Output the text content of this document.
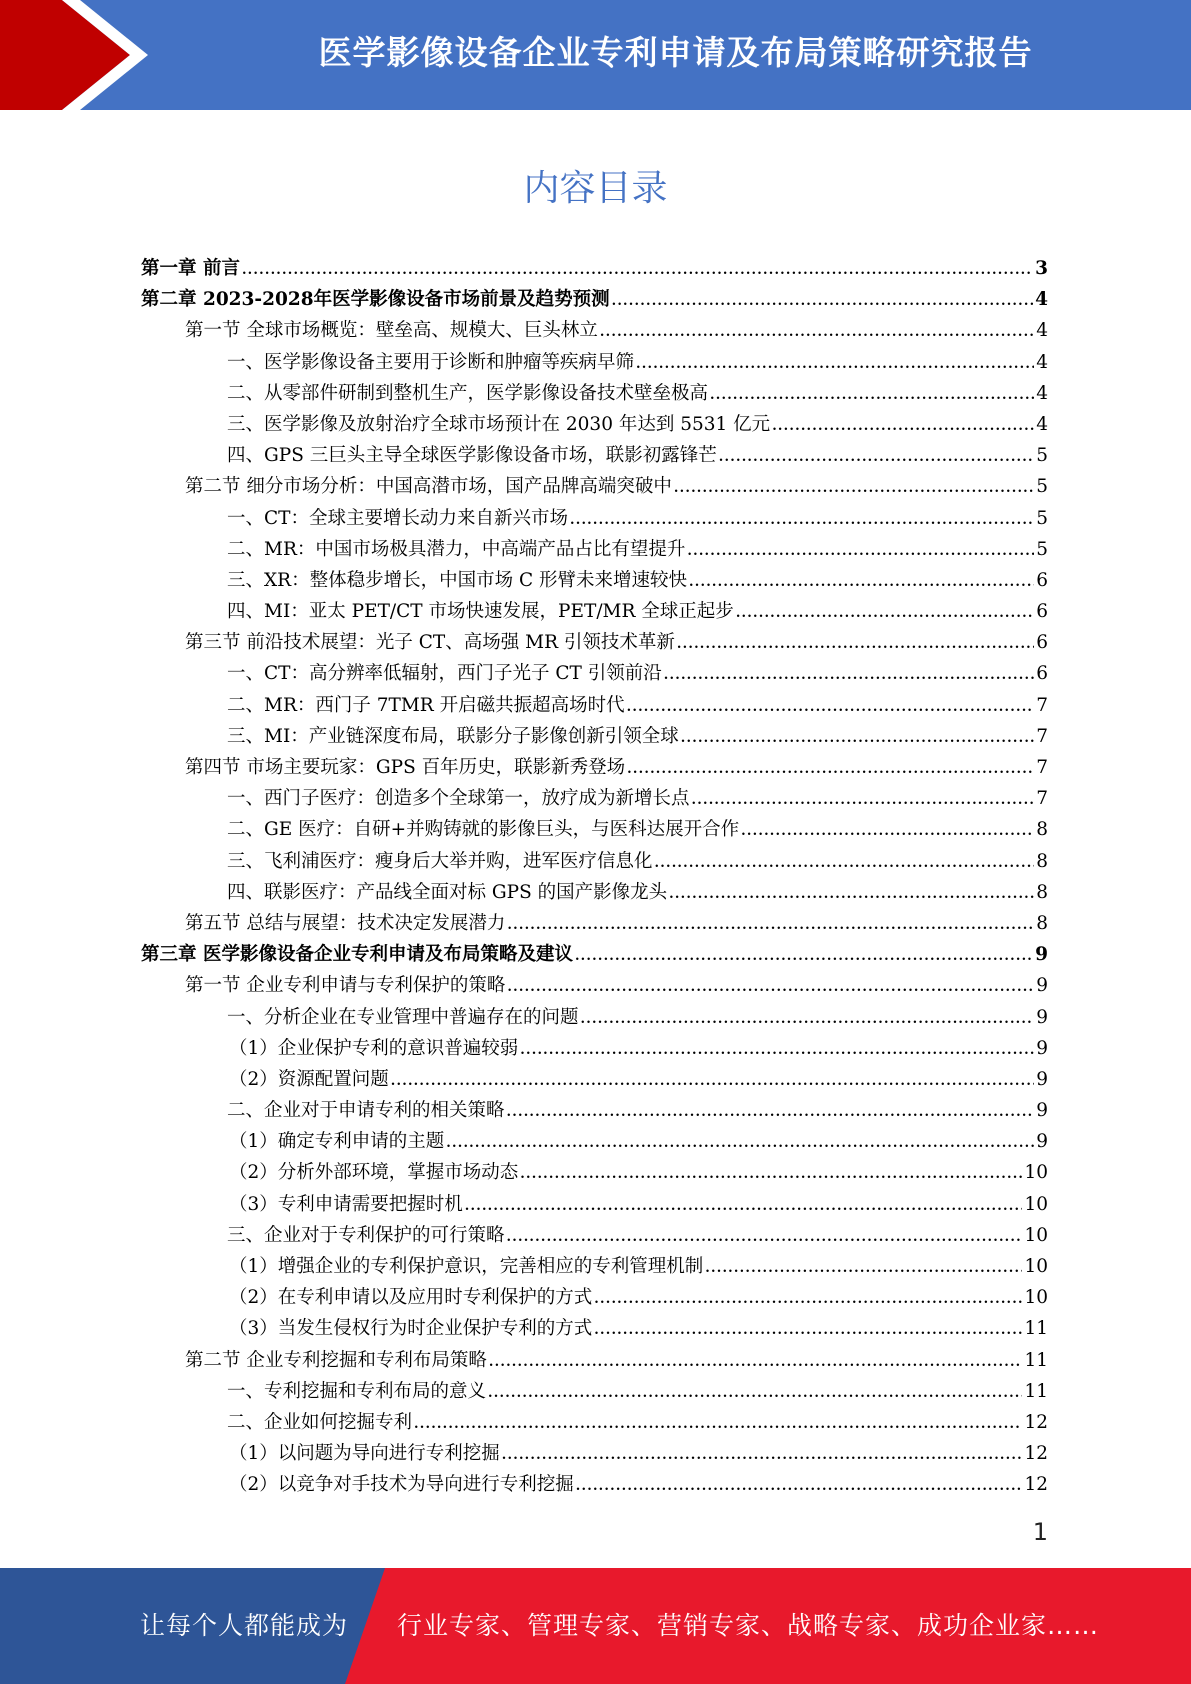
医学影像设备企业专利申请及布局策略研究报告
内容目录
第一章 前言 .....	3
第二章 2023-2028年医学影像设备市场前景及趋势预测 .....	4
第一节 全球市场概览：壁垒高、规模大、巨头林立 .....	4
一、医学影像设备主要用于诊断和肿瘤等疾病早筛 .....	4
二、从零部件研制到整机生产，医学影像设备技术壁垒极高 .....	4
三、医学影像及放射治疗全球市场预计在 2030 年达到 5531 亿元 .....	4
四、GPS 三巨头主导全球医学影像设备市场，联影初露锋芒 .....	5
第二节 细分市场分析：中国高潜市场，国产品牌高端突破中 .....	5
一、CT：全球主要增长动力来自新兴市场 .....	5
二、MR：中国市场极具潜力，中高端产品占比有望提升 .....	5
三、XR：整体稳步增长，中国市场 C 形臂未来增速较快 .....	6
四、MI：亚太 PET/CT 市场快速发展，PET/MR 全球正起步 .....	6
第三节 前沿技术展望：光子 CT、高场强 MR 引领技术革新 .....	6
一、CT：高分辨率低辐射，西门子光子 CT 引领前沿 .....	6
二、MR：西门子 7TMR 开启磁共振超高场时代 .....	7
三、MI：产业链深度布局，联影分子影像创新引领全球 .....	7
第四节 市场主要玩家：GPS 百年历史，联影新秀登场 .....	7
一、西门子医疗：创造多个全球第一，放疗成为新增长点 .....	7
二、GE 医疗：自研+并购铸就的影像巨头，与医科达展开合作 .....	8
三、飞利浦医疗：瘦身后大举并购，进军医疗信息化 .....	8
四、联影医疗：产品线全面对标 GPS 的国产影像龙头 .....	8
第五节 总结与展望：技术决定发展潜力 .....	8
第三章 医学影像设备企业专利申请及布局策略及建议 .....	9
第一节 企业专利申请与专利保护的策略 .....	9
一、分析企业在专业管理中普遍存在的问题 .....	9
（1）企业保护专利的意识普遍较弱 .....	9
（2）资源配置问题 .....	9
二、企业对于申请专利的相关策略 .....	9
（1）确定专利申请的主题 .....	9
（2）分析外部环境，掌握市场动态 .....	10
（3）专利申请需要把握时机 .....	10
三、企业对于专利保护的可行策略 .....	10
（1）增强企业的专利保护意识，完善相应的专利管理机制 .....	10
（2）在专利申请以及应用时专利保护的方式 .....	10
（3）当发生侵权行为时企业保护专利的方式 .....	11
第二节 企业专利挖掘和专利布局策略 .....	11
一、专利挖掘和专利布局的意义 .....	11
二、企业如何挖掘专利 .....	12
（1）以问题为导向进行专利挖掘 .....	12
（2）以竞争对手技术为导向进行专利挖掘 .....	12
1
让每个人都能成为 行业专家、管理专家、营销专家、战略专家、成功企业家……
